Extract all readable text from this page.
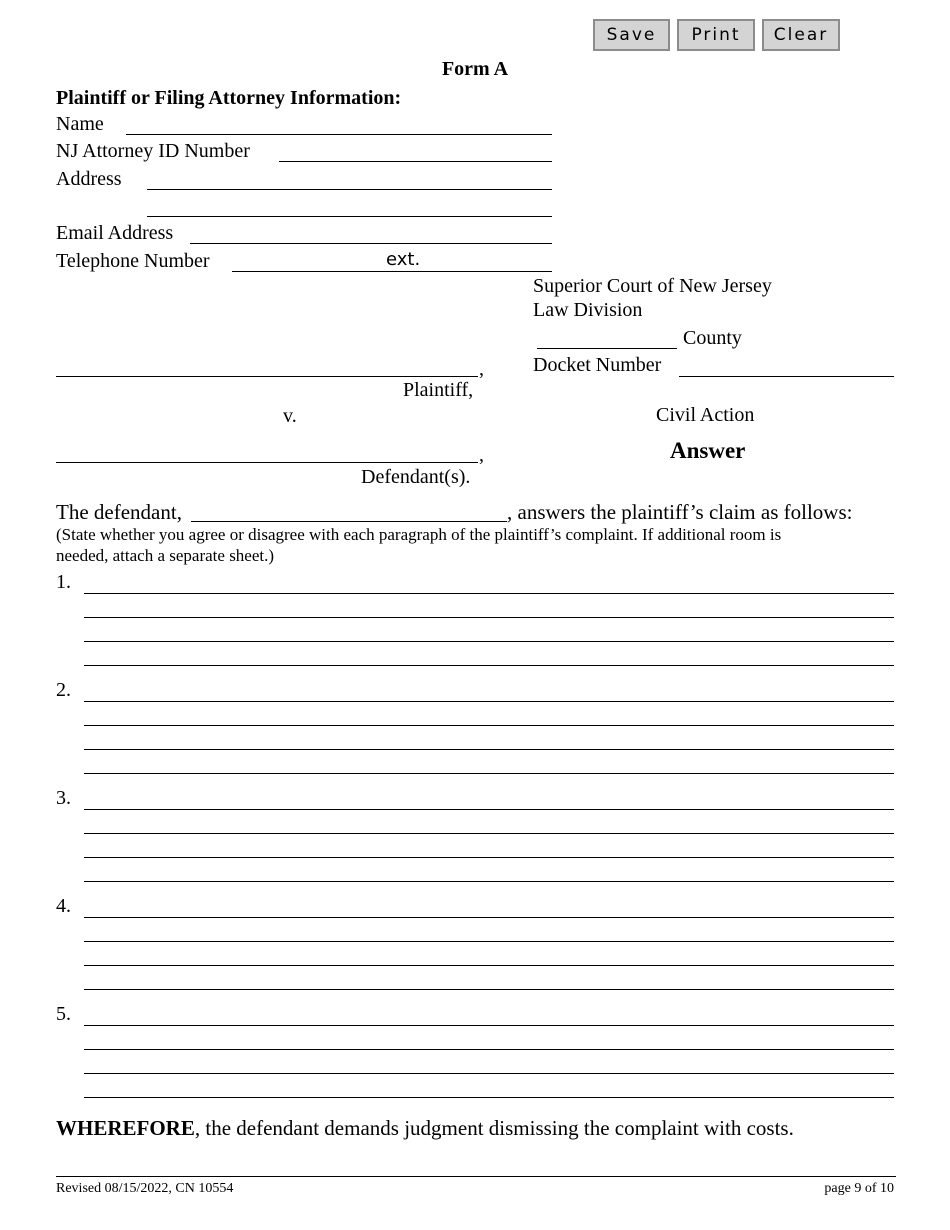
Save	Print	Clear
Form A
Plaintiff or Filing Attorney Information:
Name
NJ Attorney ID Number
Address
Email Address
Telephone Number	ext.
Superior Court of New Jersey
Law Division
County
Docket Number
Civil Action
Answer
,
Plaintiff,
v.
,
Defendant(s).
The defendant,	, answers the plaintiff’s claim as follows:
(State whether you agree or disagree with each paragraph of the plaintiff’s complaint. If additional room is
needed, attach a separate sheet.)
1.
2.
3.
4.
5.
WHEREFORE, the defendant demands judgment dismissing the complaint with costs.
Revised 08/15/2022, CN 10554	page 9 of 10
